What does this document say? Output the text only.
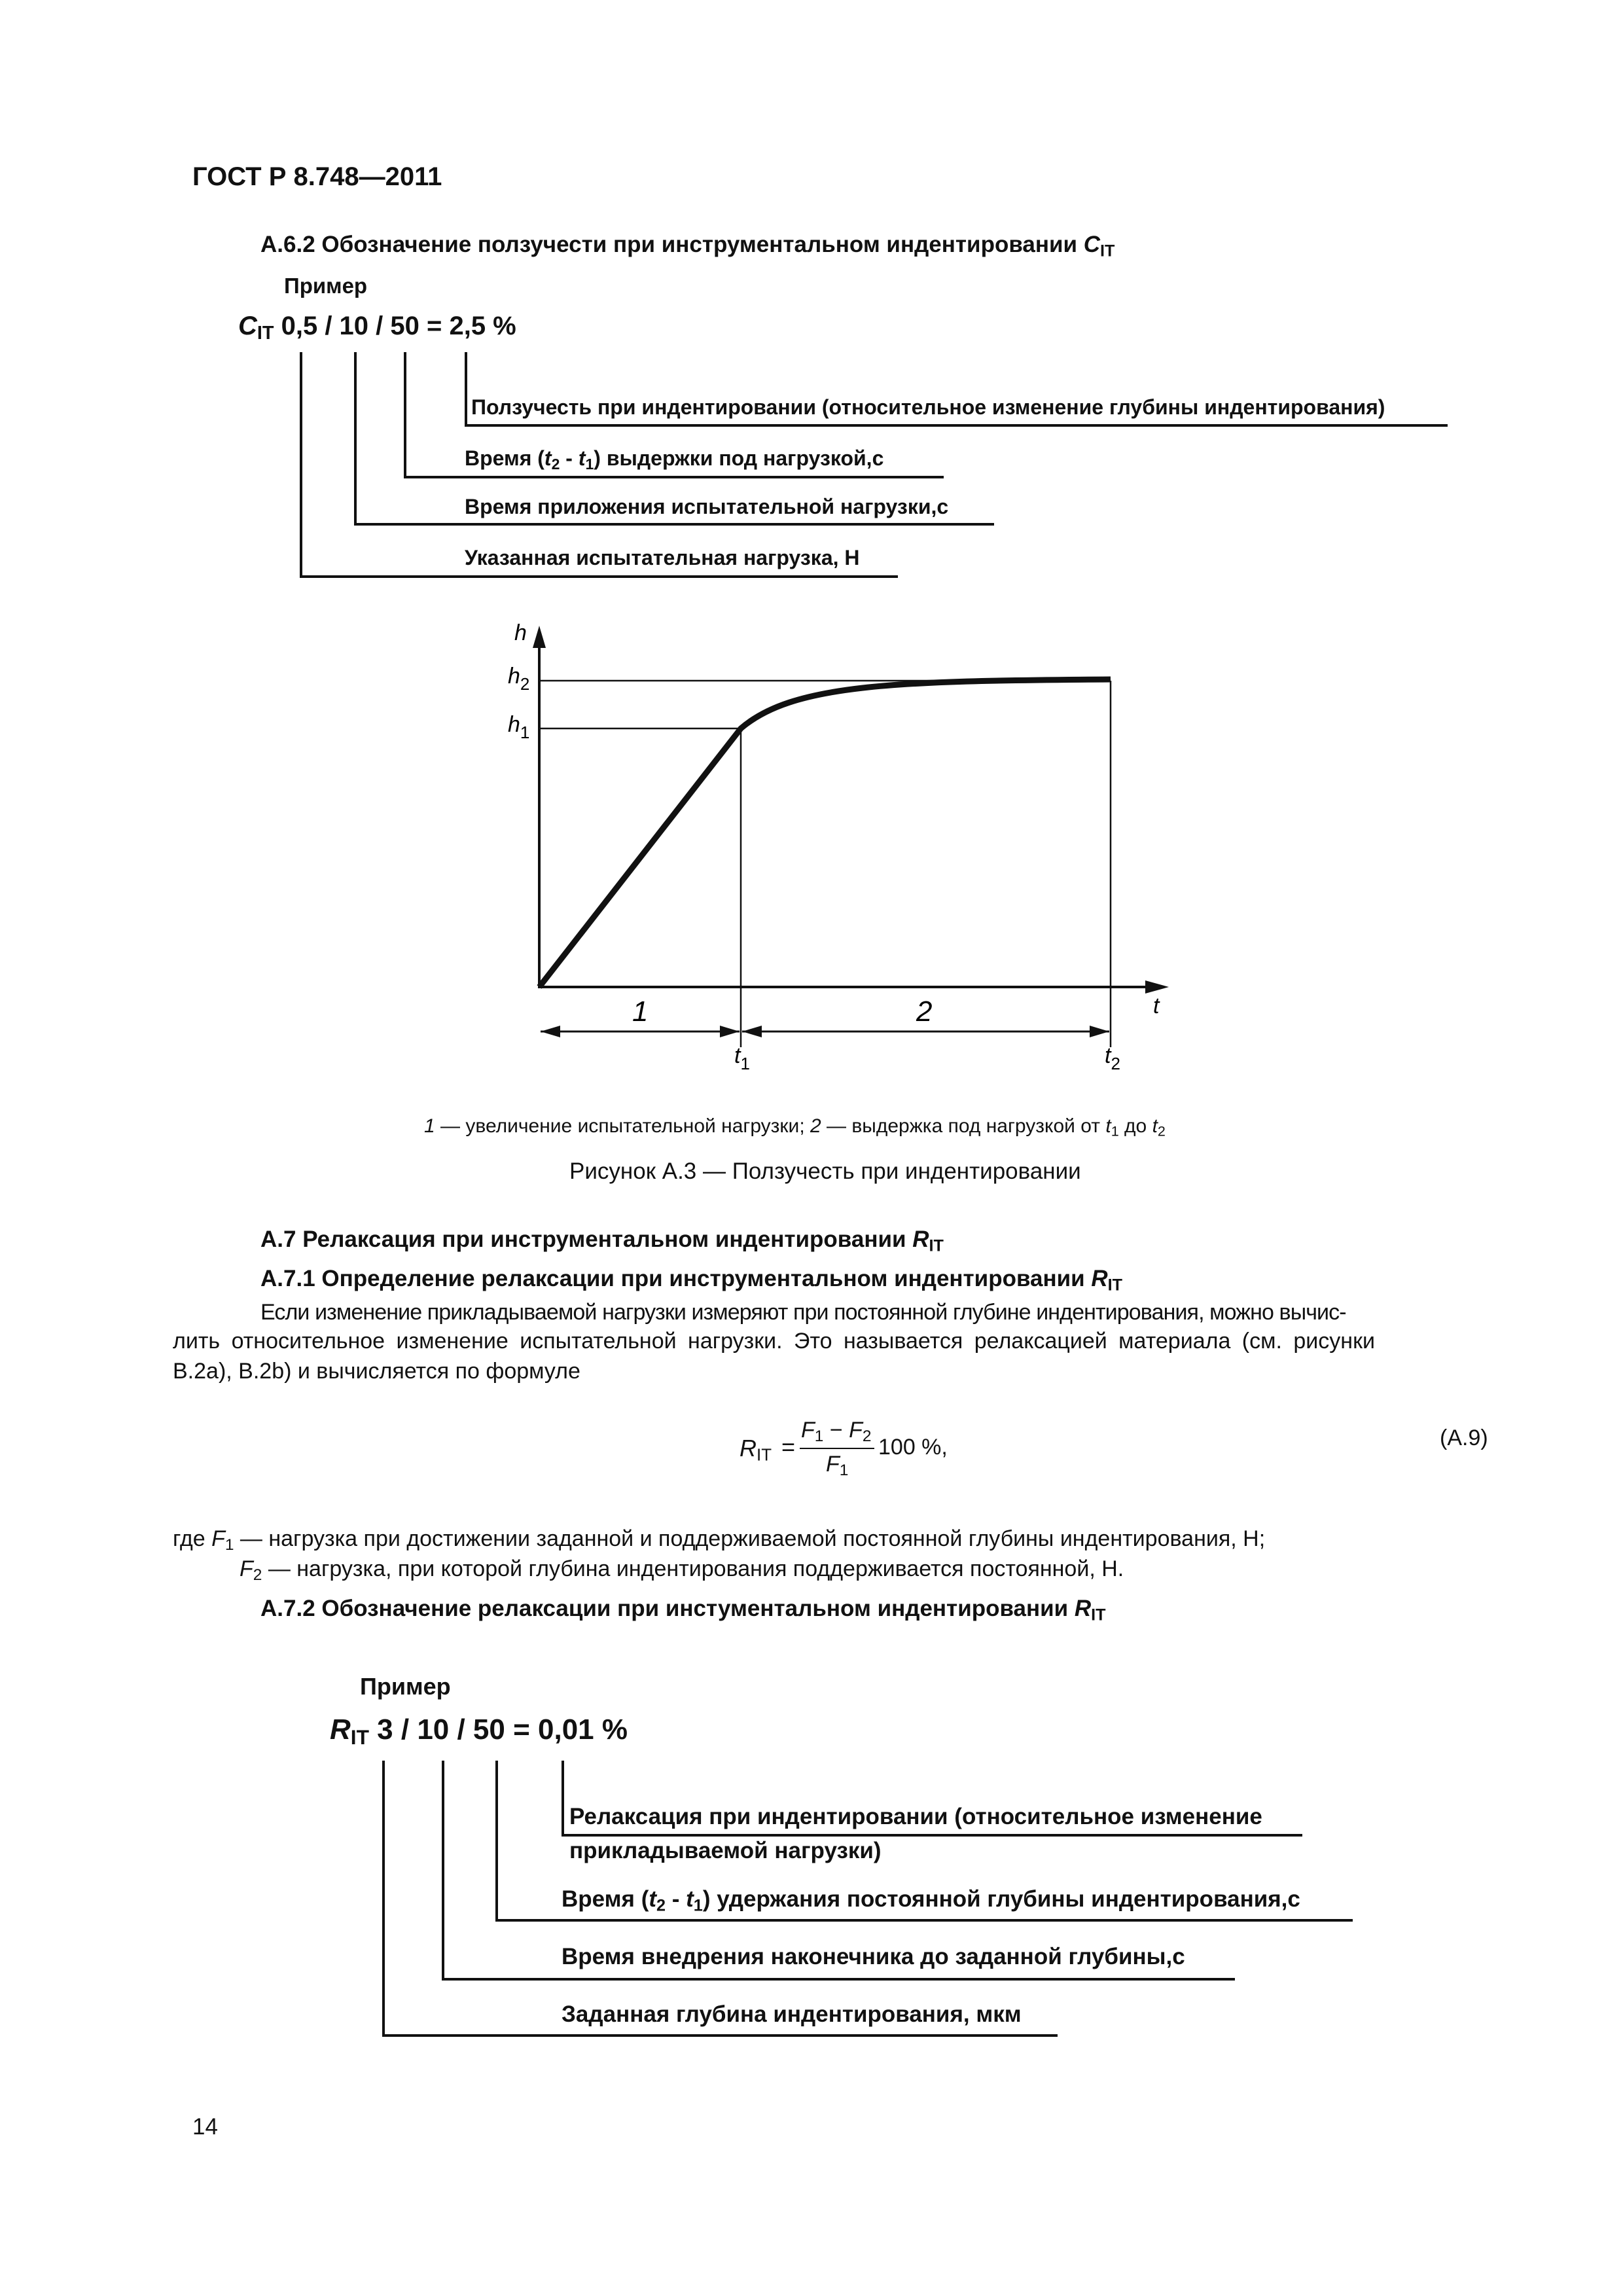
ГОСТ Р 8.748—2011
А.6.2 Обозначение ползучести при инструментальном индентировании $C_{IT}$
Пример
$C_{IT}$ 0,5 / 10 / 50 = 2,5 %
Ползучесть при индентировании (относительное изменение глубины индентирования)
Время $(t_2 - t_1)$ выдержки под нагрузкой,с
Время приложения испытательной нагрузки,с
Указанная испытательная нагрузка, Н
h
$h_2$
$h_1$
t
1	2
$t_1$	$t_2$
1 — увеличение испытательной нагрузки; 2 — выдержка под нагрузкой от $t_1$ до $t_2$
Рисунок А.3 — Ползучесть при индентировании
А.7 Релаксация при инструментальном индентировании $R_{IT}$
А.7.1 Определение релаксации при инструментальном индентировании $R_{IT}$
Если изменение прикладываемой нагрузки измеряют при постоянной глубине индентирования, можно вычис-
лить относительное изменение испытательной нагрузки. Это называется релаксацией материала (см. рисунки
B.2a), B.2b) и вычисляется по формуле
$R_{IT}$ =
$F_1 - F_2$
$F_1$
100 %,	(А.9)
где $F_1$ — нагрузка при достижении заданной и поддерживаемой постоянной глубины индентирования, Н;
$F_2$ — нагрузка, при которой глубина индентирования поддерживается постоянной, Н.
А.7.2 Обозначение релаксации при инстументальном индентировании $R_{IT}$
Пример
$R_{IT}$ 3 / 10 / 50 = 0,01 %
Релаксация при индентировании (относительное изменение
прикладываемой нагрузки)
Время $(t_2 - t_1)$ удержания постоянной глубины индентирования,с
Время внедрения наконечника до заданной глубины,с
Заданная глубина индентирования, мкм
14
